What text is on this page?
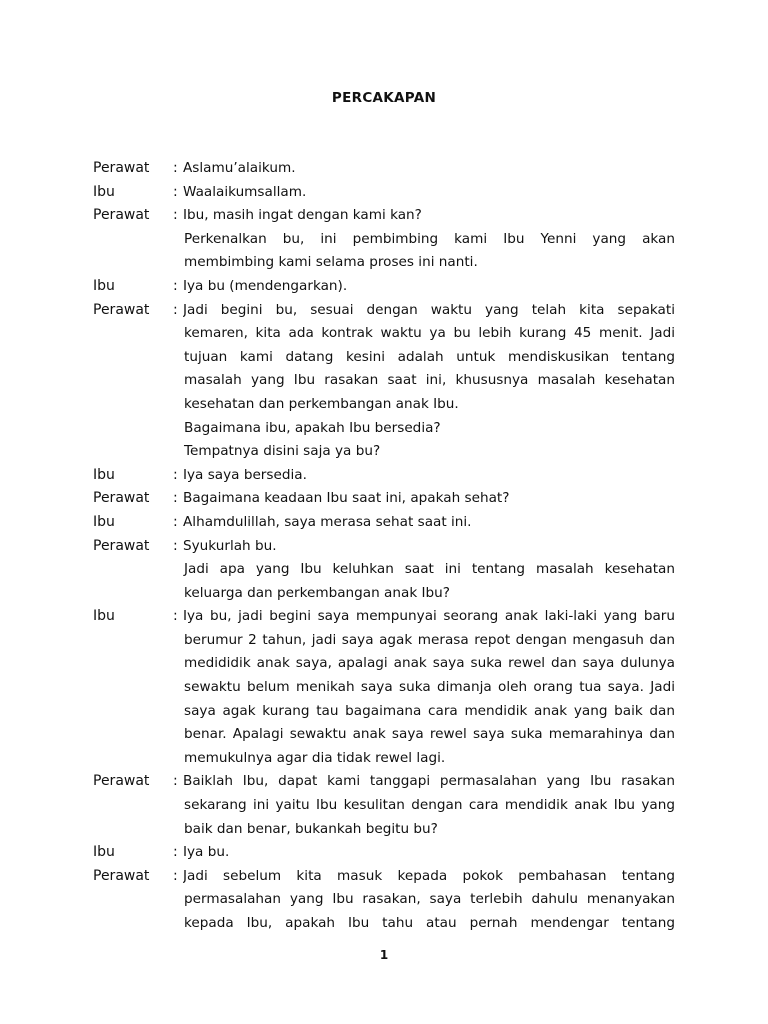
PERCAKAPAN
Perawat	: Aslamu’alaikum.
Ibu	: Waalaikumsallam.
Perawat	: Ibu, masih ingat dengan kami kan?
Perkenalkan bu, ini pembimbing kami Ibu Yenni yang akan
membimbing kami selama proses ini nanti.
Ibu	: Iya bu (mendengarkan).
Perawat	: Jadi begini bu, sesuai dengan waktu yang telah kita sepakati
kemaren, kita ada kontrak waktu ya bu lebih kurang 45 menit. Jadi
tujuan kami datang kesini adalah untuk mendiskusikan tentang
masalah yang Ibu rasakan saat ini, khususnya masalah kesehatan
kesehatan dan perkembangan anak Ibu.
Bagaimana ibu, apakah Ibu bersedia?
Tempatnya disini saja ya bu?
Ibu	: Iya saya bersedia.
Perawat	: Bagaimana keadaan Ibu saat ini, apakah sehat?
Ibu	: Alhamdulillah, saya merasa sehat saat ini.
Perawat	: Syukurlah bu.
Jadi apa yang Ibu keluhkan saat ini tentang masalah kesehatan
keluarga dan perkembangan anak Ibu?
Ibu	: Iya bu, jadi begini saya mempunyai seorang anak laki-laki yang baru
berumur 2 tahun, jadi saya agak merasa repot dengan mengasuh dan
medididik anak saya, apalagi anak saya suka rewel dan saya dulunya
sewaktu belum menikah saya suka dimanja oleh orang tua saya. Jadi
saya agak kurang tau bagaimana cara mendidik anak yang baik dan
benar. Apalagi sewaktu anak saya rewel saya suka memarahinya dan
memukulnya agar dia tidak rewel lagi.
Perawat	: Baiklah Ibu, dapat kami tanggapi permasalahan yang Ibu rasakan
sekarang ini yaitu Ibu kesulitan dengan cara mendidik anak Ibu yang
baik dan benar, bukankah begitu bu?
Ibu	: Iya bu.
Perawat	: Jadi sebelum kita masuk kepada pokok pembahasan tentang
permasalahan yang Ibu rasakan, saya terlebih dahulu menanyakan
kepada Ibu, apakah Ibu tahu atau pernah mendengar tentang
1
